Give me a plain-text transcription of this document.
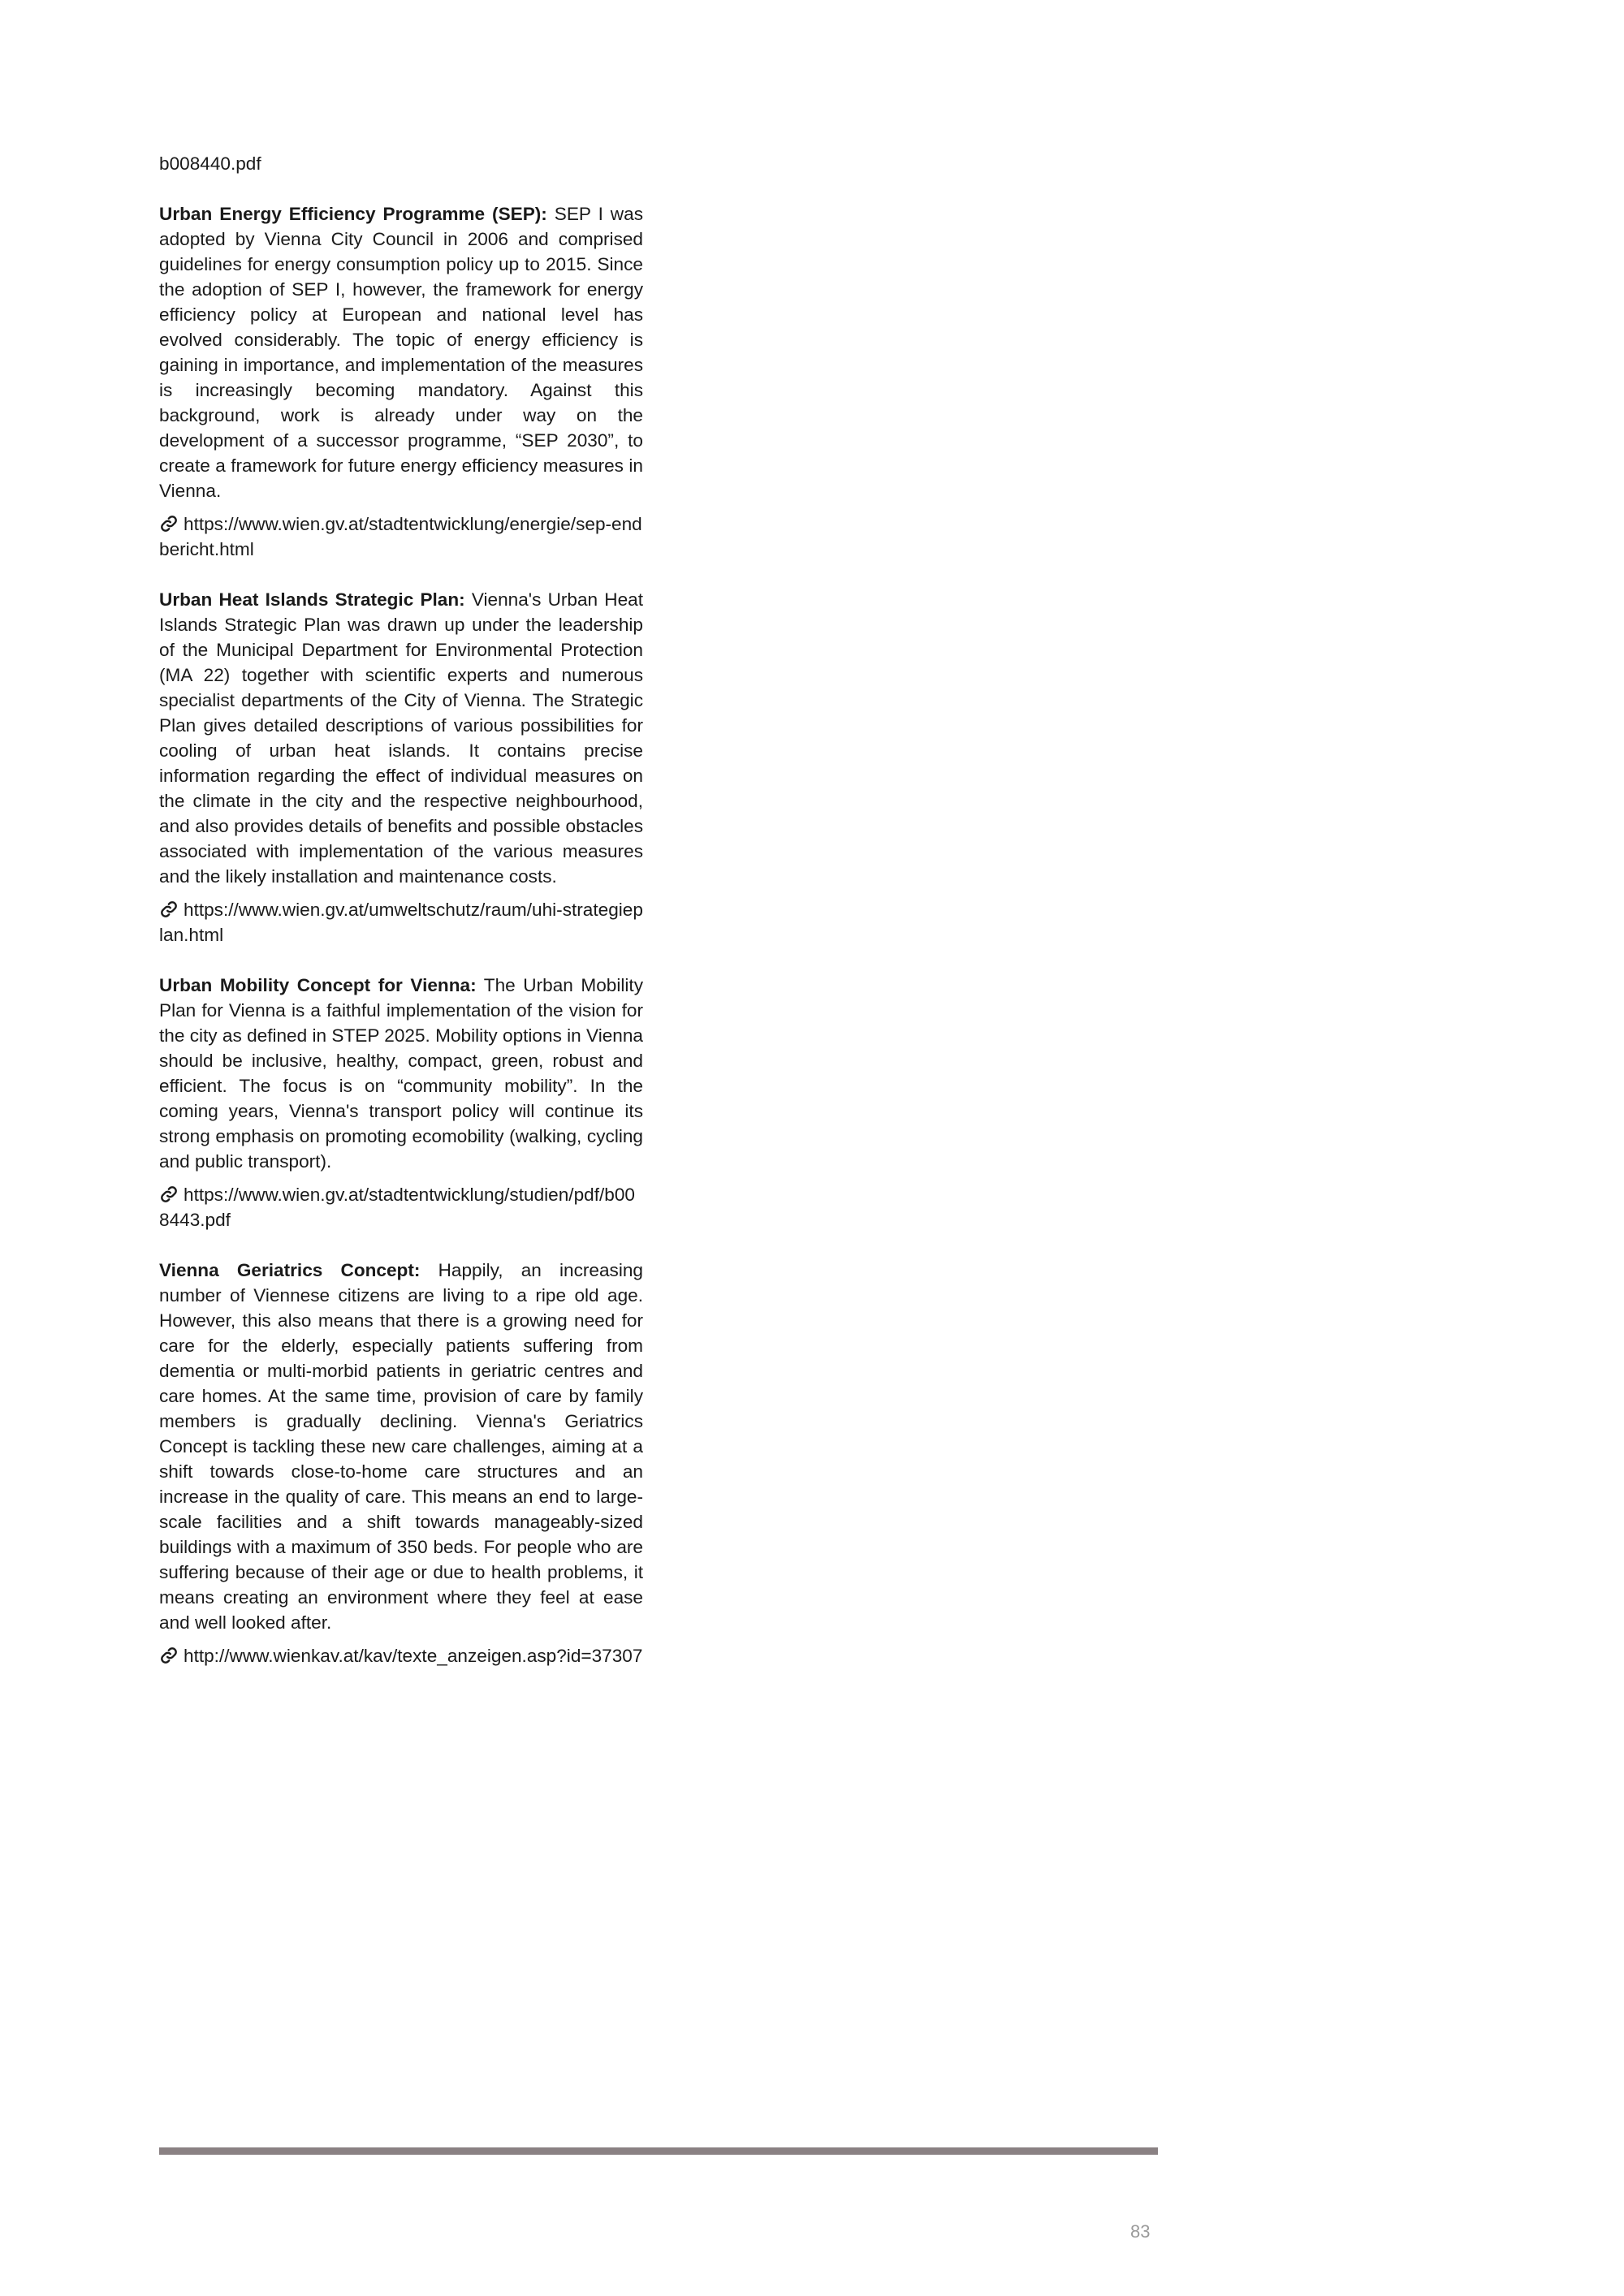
b008440.pdf

Urban Energy Efficiency Programme (SEP): SEP I was adopted by Vienna City Council in 2006 and comprised guidelines for energy consumption policy up to 2015. Since the adoption of SEP I, however, the framework for energy efficiency policy at European and national level has evolved considerably. The topic of energy efficiency is gaining in importance, and implementation of the measures is increasingly becoming mandatory. Against this background, work is already under way on the development of a successor programme, “SEP 2030”, to create a framework for future energy efficiency measures in Vienna.

https://www.wien.gv.at/stadtentwicklung/energie/sep-endbericht.html

Urban Heat Islands Strategic Plan: Vienna's Urban Heat Islands Strategic Plan was drawn up under the leadership of the Municipal Department for Environmental Protection (MA 22) together with scientific experts and numerous specialist departments of the City of Vienna. The Strategic Plan gives detailed descriptions of various possibilities for cooling of urban heat islands. It contains precise information regarding the effect of individual measures on the climate in the city and the respective neighbourhood, and also provides details of benefits and possible obstacles associated with implementation of the various measures and the likely installation and maintenance costs.

https://www.wien.gv.at/umweltschutz/raum/uhi-strategieplan.html

Urban Mobility Concept for Vienna: The Urban Mobility Plan for Vienna is a faithful implementation of the vision for the city as defined in STEP 2025. Mobility options in Vienna should be inclusive, healthy, compact, green, robust and efficient. The focus is on “community mobility”. In the coming years, Vienna's transport policy will continue its strong emphasis on promoting ecomobility (walking, cycling and public transport).

https://www.wien.gv.at/stadtentwicklung/studien/pdf/b008443.pdf

Vienna Geriatrics Concept: Happily, an increasing number of Viennese citizens are living to a ripe old age. However, this also means that there is a growing need for care for the elderly, especially patients suffering from dementia or multi-morbid patients in geriatric centres and care homes. At the same time, provision of care by family members is gradually declining. Vienna's Geriatrics Concept is tackling these new care challenges, aiming at a shift towards close-to-home care structures and an increase in the quality of care. This means an end to large-scale facilities and a shift towards manageably-sized buildings with a maximum of 350 beds. For people who are suffering because of their age or due to health problems, it means creating an environment where they feel at ease and well looked after.

http://www.wienkav.at/kav/texte_anzeigen.asp?id=37307

83
